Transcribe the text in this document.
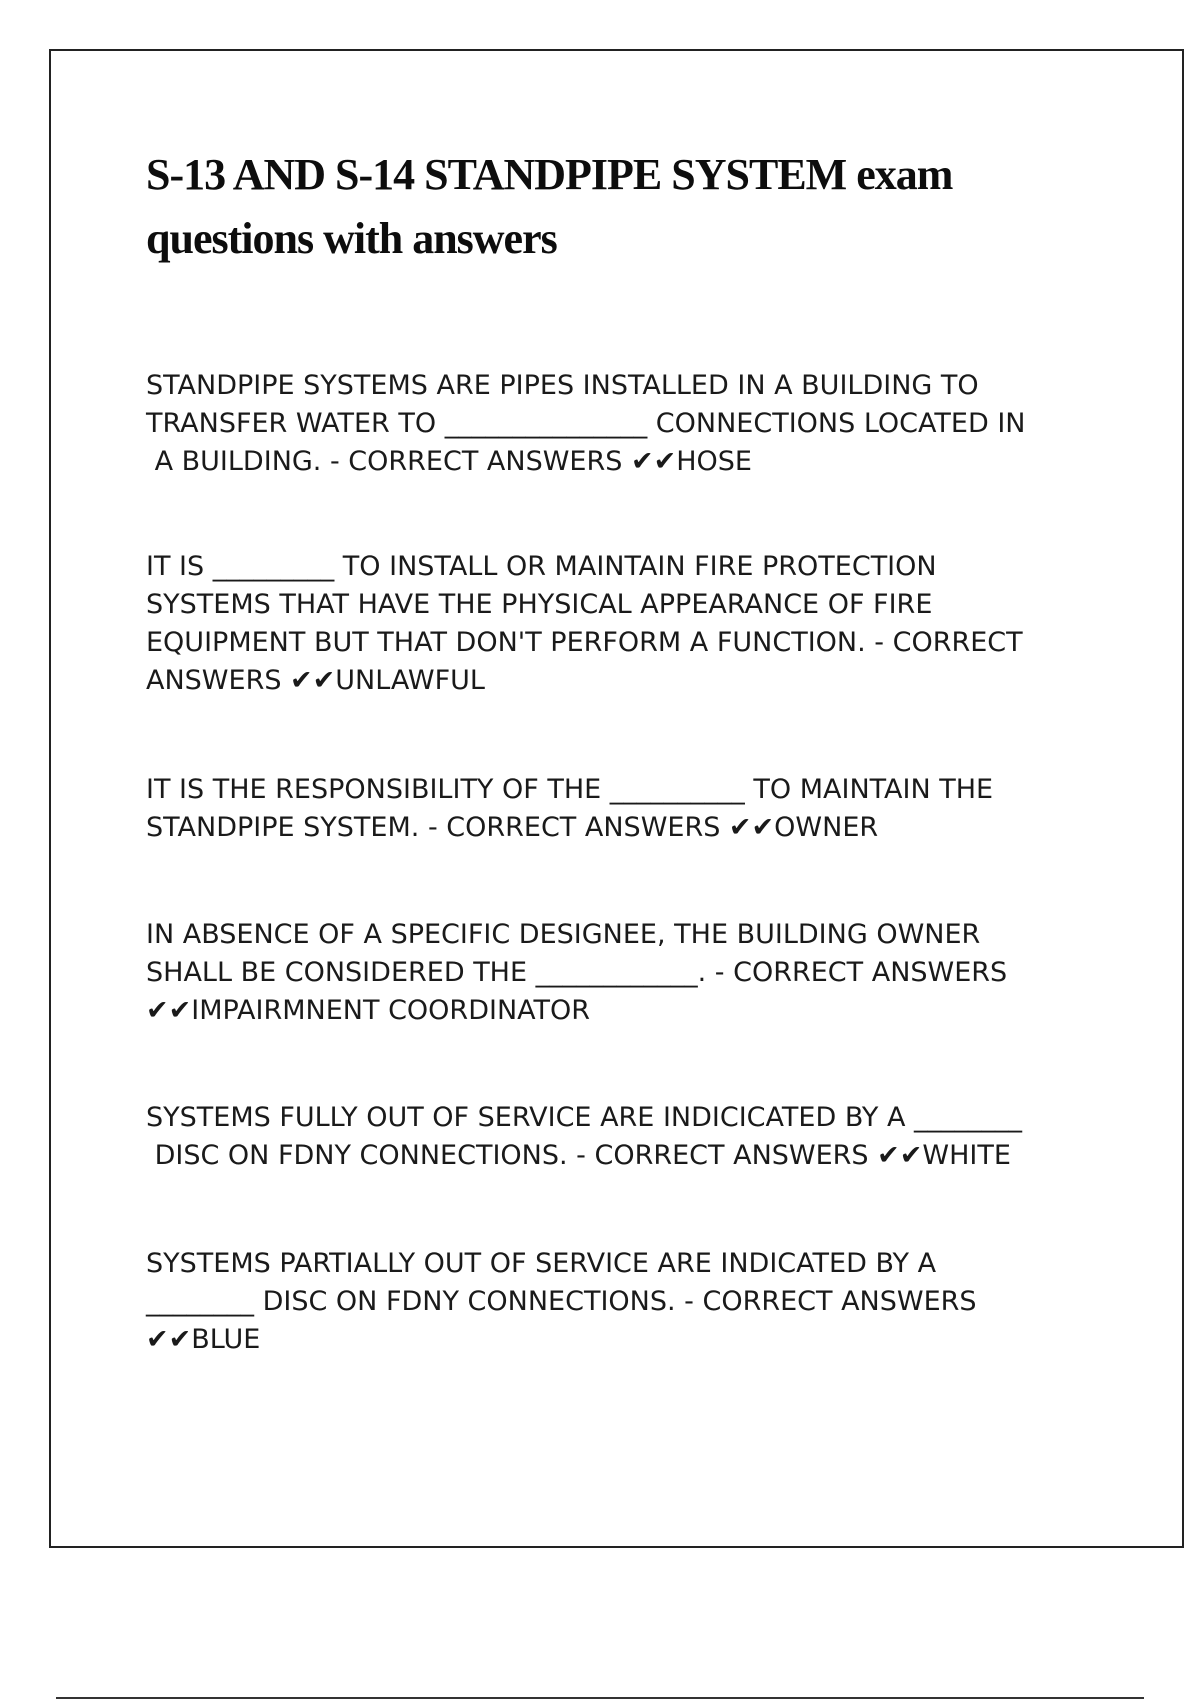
S-13 AND S-14 STANDPIPE SYSTEM exam questions with answers

STANDPIPE SYSTEMS ARE PIPES INSTALLED IN A BUILDING TO
TRANSFER WATER TO _______________ CONNECTIONS LOCATED IN
A BUILDING. - CORRECT ANSWERS ✔✔HOSE

IT IS _________ TO INSTALL OR MAINTAIN FIRE PROTECTION
SYSTEMS THAT HAVE THE PHYSICAL APPEARANCE OF FIRE
EQUIPMENT BUT THAT DON'T PERFORM A FUNCTION. - CORRECT
ANSWERS ✔✔UNLAWFUL

IT IS THE RESPONSIBILITY OF THE __________ TO MAINTAIN THE
STANDPIPE SYSTEM. - CORRECT ANSWERS ✔✔OWNER

IN ABSENCE OF A SPECIFIC DESIGNEE, THE BUILDING OWNER
SHALL BE CONSIDERED THE ____________. - CORRECT ANSWERS
✔✔IMPAIRMNENT COORDINATOR

SYSTEMS FULLY OUT OF SERVICE ARE INDICICATED BY A ________
DISC ON FDNY CONNECTIONS. - CORRECT ANSWERS ✔✔WHITE

SYSTEMS PARTIALLY OUT OF SERVICE ARE INDICATED BY A
________ DISC ON FDNY CONNECTIONS. - CORRECT ANSWERS
✔✔BLUE
